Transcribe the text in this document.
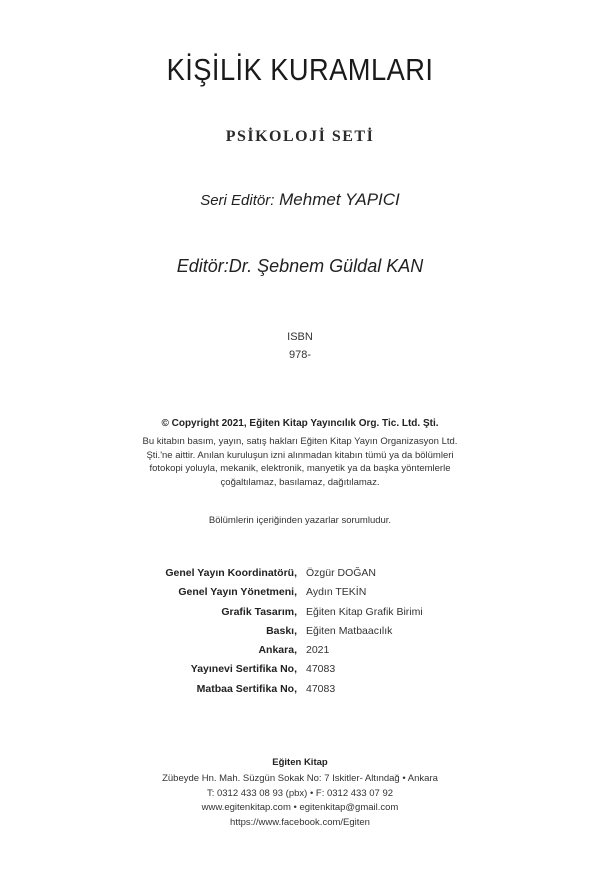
KİŞİLİK KURAMLARI
PSİKOLOJİ SETİ
Seri Editör: Mehmet YAPICI
Editör:Dr. Şebnem Güldal KAN
ISBN
978-
© Copyright 2021, Eğiten Kitap Yayıncılık Org. Tic. Ltd. Şti.
Bu kitabın basım, yayın, satış hakları Eğiten Kitap Yayın Organizasyon Ltd.
Şti.'ne aittir. Anılan kuruluşun izni alınmadan kitabın tümü ya da bölümleri
fotokopi yoluyla, mekanik, elektronik, manyetik ya da başka yöntemlerle
çoğaltılamaz, basılamaz, dağıtılamaz.
Bölümlerin içeriğinden yazarlar sorumludur.
Genel Yayın Koordinatörü, Özgür DOĞAN
Genel Yayın Yönetmeni, Aydın TEKİN
Grafik Tasarım, Eğiten Kitap Grafik Birimi
Baskı, Eğiten Matbaacılık
Ankara, 2021
Yayınevi Sertifika No, 47083
Matbaa Sertifika No, 47083
Eğiten Kitap
Zübeyde Hn. Mah. Süzgün Sokak No: 7 Iskitler- Altındağ • Ankara
T: 0312 433 08 93 (pbx) • F: 0312 433 07 92
www.egitenkitap.com • egitenkitap@gmail.com
https://www.facebook.com/Egiten
